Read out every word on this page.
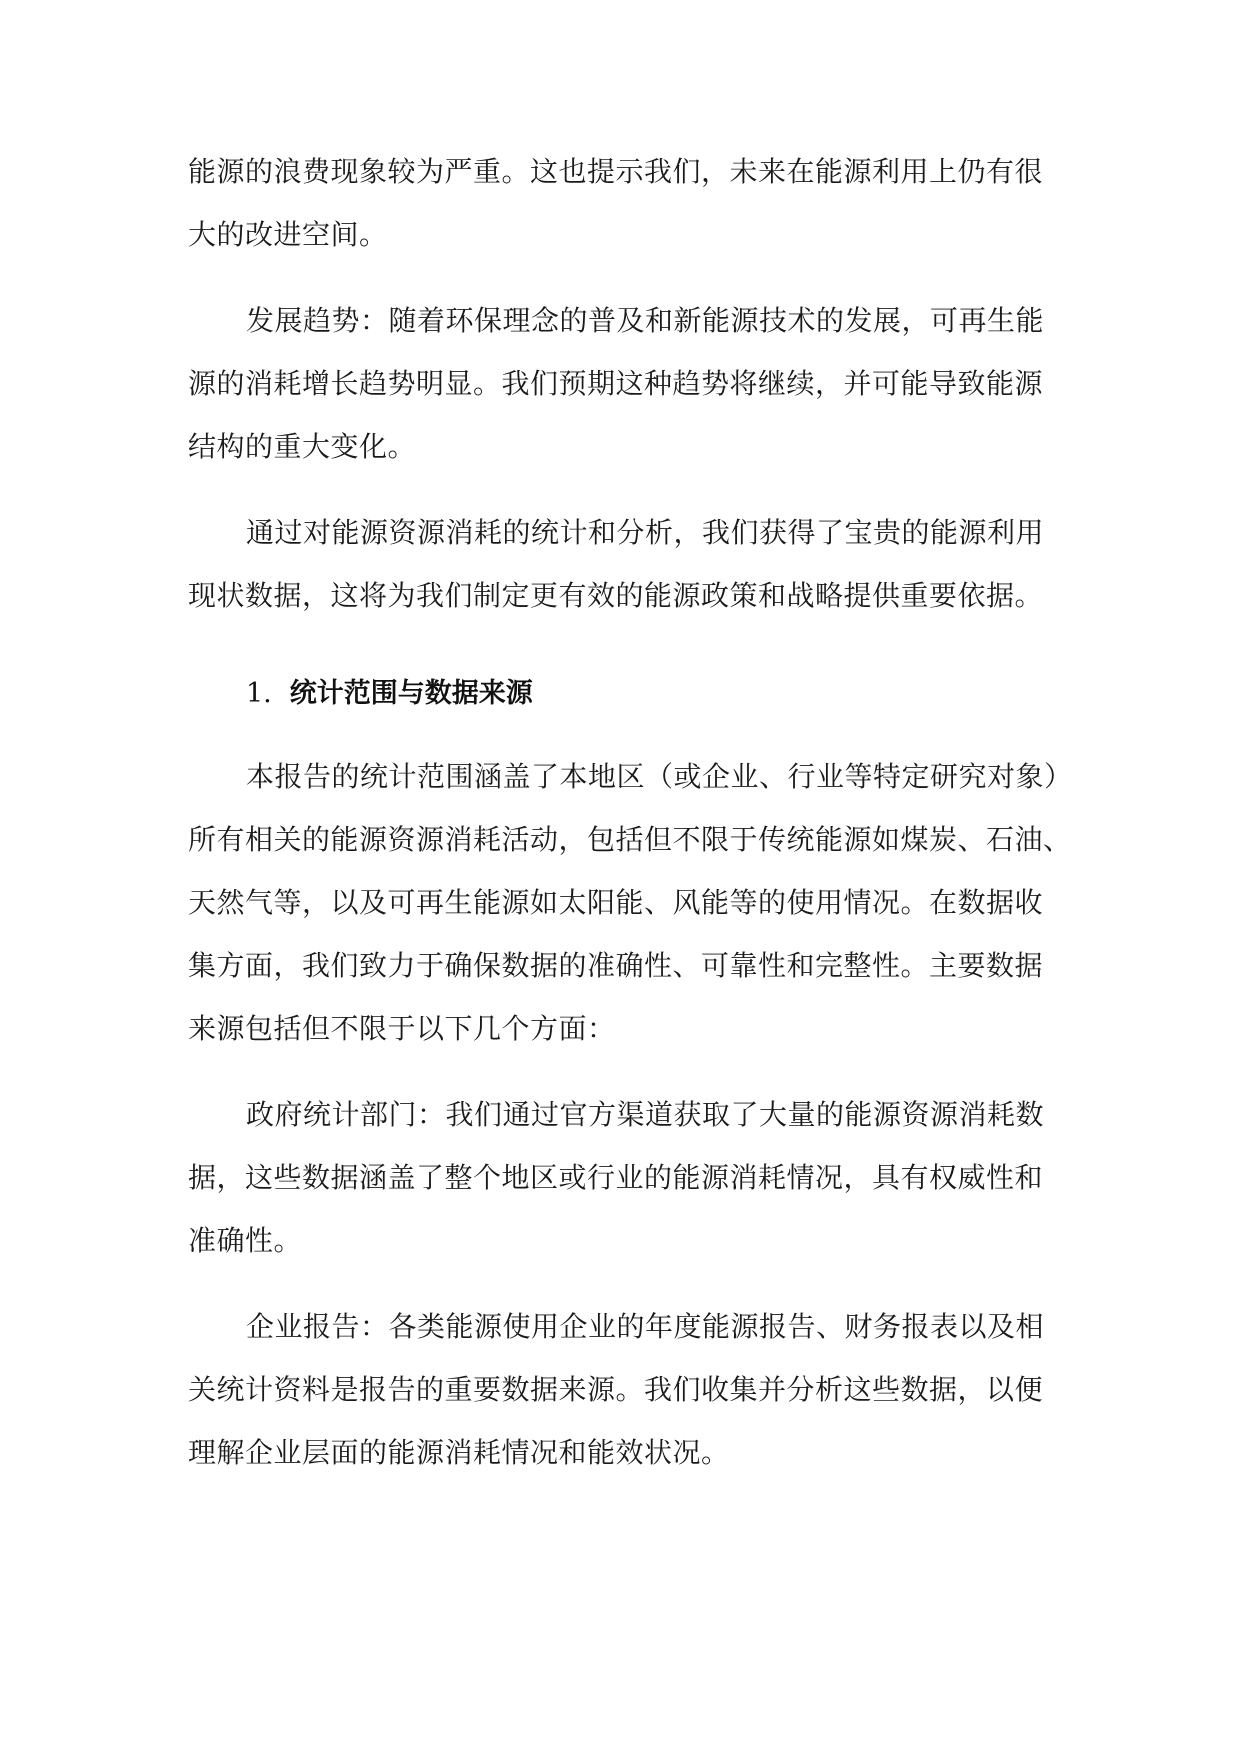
能源的浪费现象较为严重。这也提示我们，未来在能源利用上仍有很
大的改进空间。
发展趋势：随着环保理念的普及和新能源技术的发展，可再生能
源的消耗增长趋势明显。我们预期这种趋势将继续，并可能导致能源
结构的重大变化。
通过对能源资源消耗的统计和分析，我们获得了宝贵的能源利用
现状数据，这将为我们制定更有效的能源政策和战略提供重要依据。
1. 统计范围与数据来源
本报告的统计范围涵盖了本地区（或企业、行业等特定研究对象）
所有相关的能源资源消耗活动，包括但不限于传统能源如煤炭、石油、
天然气等，以及可再生能源如太阳能、风能等的使用情况。在数据收
集方面，我们致力于确保数据的准确性、可靠性和完整性。主要数据
来源包括但不限于以下几个方面：
政府统计部门：我们通过官方渠道获取了大量的能源资源消耗数
据，这些数据涵盖了整个地区或行业的能源消耗情况，具有权威性和
准确性。
企业报告：各类能源使用企业的年度能源报告、财务报表以及相
关统计资料是报告的重要数据来源。我们收集并分析这些数据，以便
理解企业层面的能源消耗情况和能效状况。
